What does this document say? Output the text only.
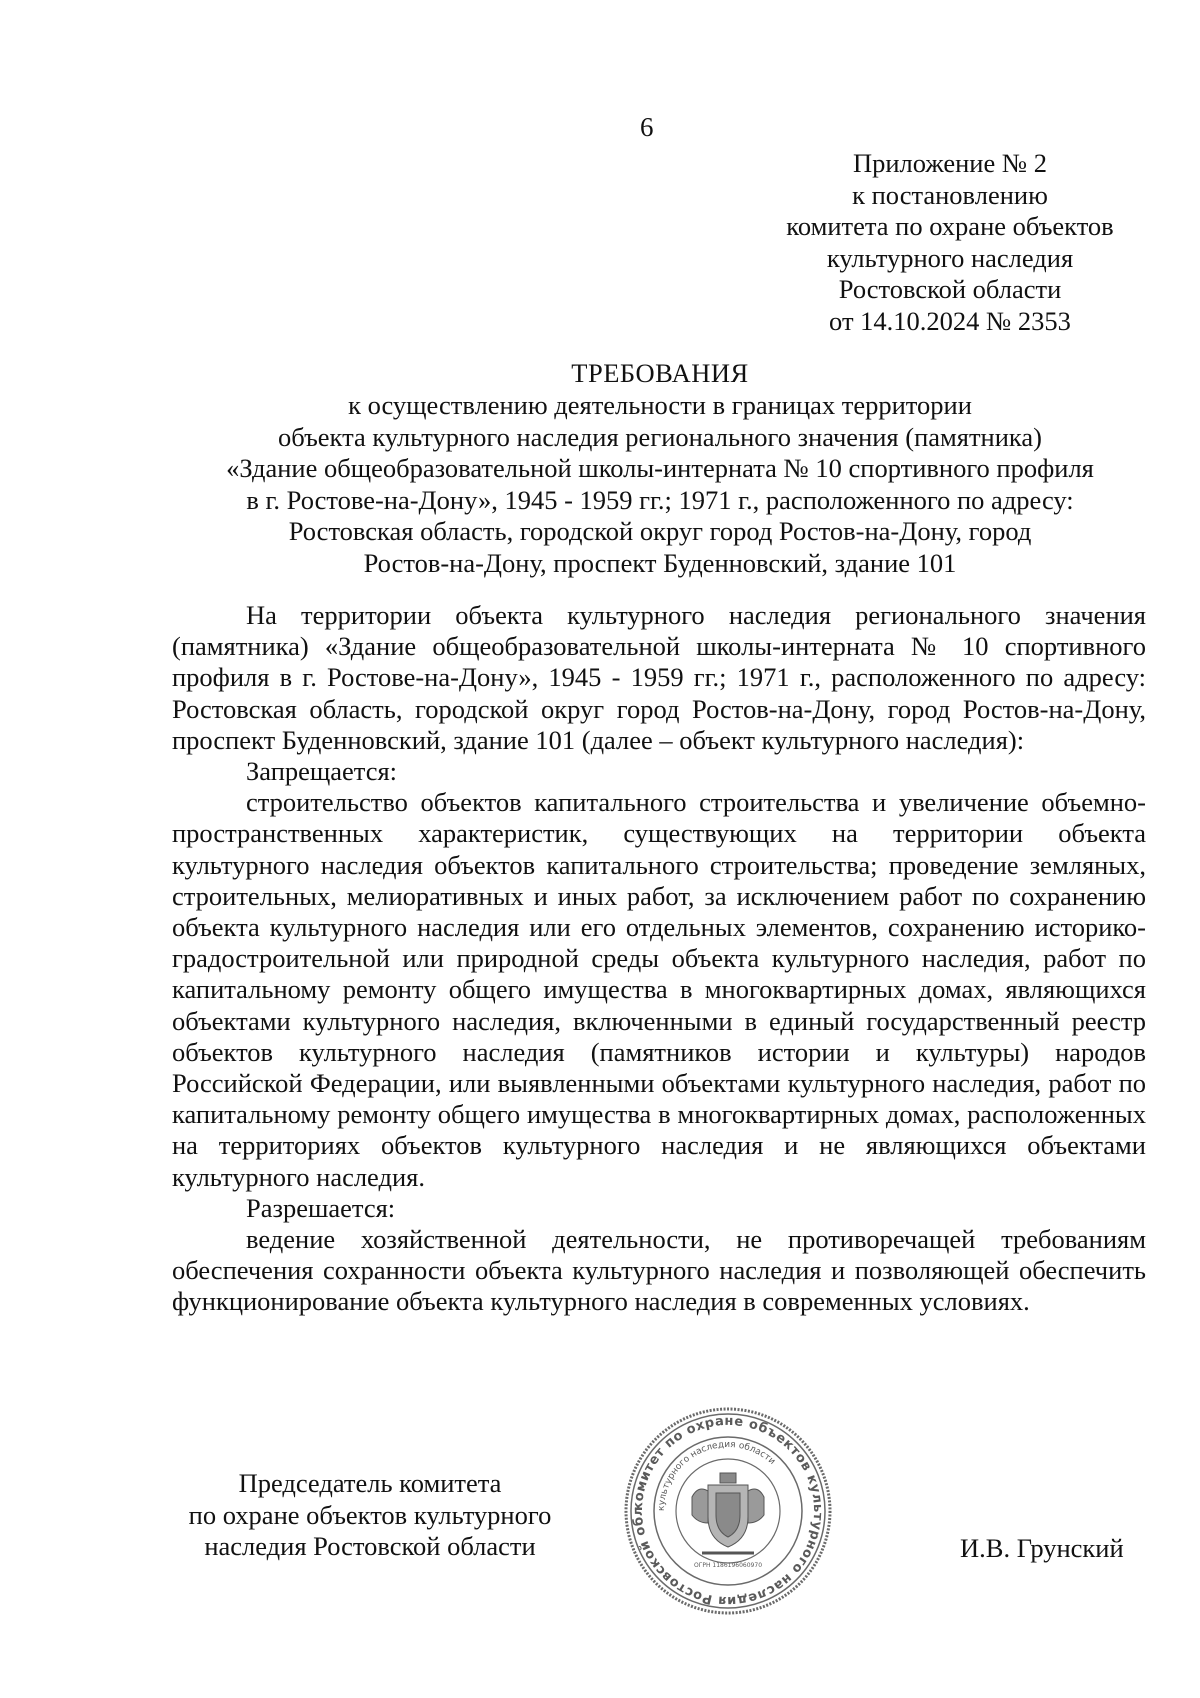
6
Приложение № 2
к постановлению
комитета по охране объектов
культурного наследия
Ростовской области
от 14.10.2024 № 2353
ТРЕБОВАНИЯ
к осуществлению деятельности в границах территории
объекта культурного наследия регионального значения (памятника)
«Здание общеобразовательной школы-интерната № 10 спортивного профиля
в г. Ростове-на-Дону», 1945 - 1959 гг.; 1971 г., расположенного по адресу:
Ростовская область, городской округ город Ростов-на-Дону, город
Ростов-на-Дону, проспект Буденновский, здание 101

На территории объекта культурного наследия регионального значения (памятника) «Здание общеобразовательной школы-интерната № 10 спортивного профиля в г. Ростове-на-Дону», 1945 - 1959 гг.; 1971 г., расположенного по адресу: Ростовская область, городской округ город Ростов-на-Дону, город Ростов-на-Дону, проспект Буденновский, здание 101 (далее – объект культурного наследия):

Запрещается:

строительство объектов капитального строительства и увеличение объемно-пространственных характеристик, существующих на территории объекта культурного наследия объектов капитального строительства; проведение земляных, строительных, мелиоративных и иных работ, за исключением работ по сохранению объекта культурного наследия или его отдельных элементов, сохранению историко-градостроительной или природной среды объекта культурного наследия, работ по капитальному ремонту общего имущества в многоквартирных домах, являющихся объектами культурного наследия, включенными в единый государственный реестр объектов культурного наследия (памятников истории и культуры) народов Российской Федерации, или выявленными объектами культурного наследия, работ по капитальному ремонту общего имущества в многоквартирных домах, расположенных на территориях объектов культурного наследия и не являющихся объектами культурного наследия.

Разрешается:

ведение хозяйственной деятельности, не противоречащей требованиям обеспечения сохранности объекта культурного наследия и позволяющей обеспечить функционирование объекта культурного наследия в современных условиях.

Председатель комитета
по охране объектов культурного
наследия Ростовской области
комитет по охране объектов культурного наследия Ростовской обл	культурного наследия области
ОГРН 1186196060970
И.В. Грунский
